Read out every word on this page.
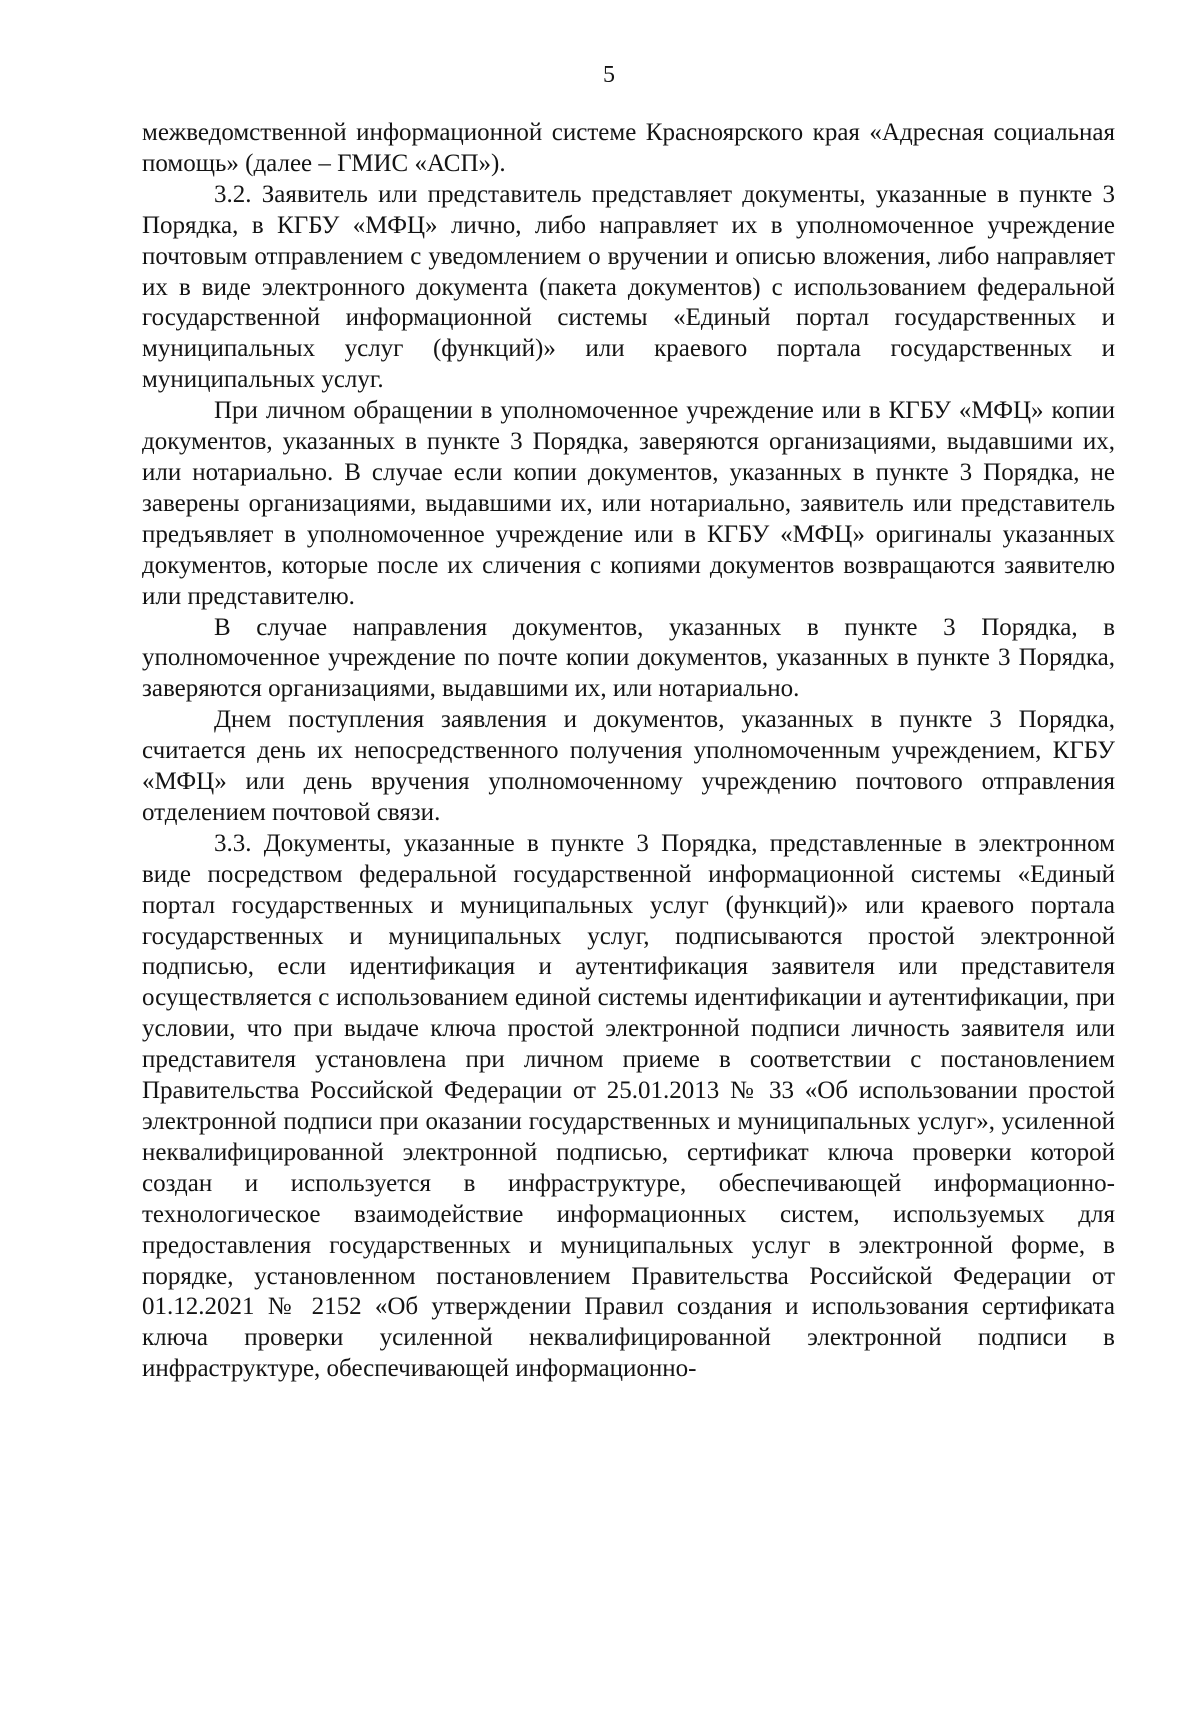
5

межведомственной информационной системе Красноярского края «Адресная социальная помощь» (далее – ГМИС «АСП»).

3.2. Заявитель или представитель представляет документы, указанные в пункте 3 Порядка, в КГБУ «МФЦ» лично, либо направляет их в уполномоченное учреждение почтовым отправлением с уведомлением о вручении и описью вложения, либо направляет их в виде электронного документа (пакета документов) с использованием федеральной государственной информационной системы «Единый портал государственных и муниципальных услуг (функций)» или краевого портала государственных и муниципальных услуг.

При личном обращении в уполномоченное учреждение или в КГБУ «МФЦ» копии документов, указанных в пункте 3 Порядка, заверяются организациями, выдавшими их, или нотариально. В случае если копии документов, указанных в пункте 3 Порядка, не заверены организациями, выдавшими их, или нотариально, заявитель или представитель предъявляет в уполномоченное учреждение или в КГБУ «МФЦ» оригиналы указанных документов, которые после их сличения с копиями документов возвращаются заявителю или представителю.

В случае направления документов, указанных в пункте 3 Порядка, в уполномоченное учреждение по почте копии документов, указанных в пункте 3 Порядка, заверяются организациями, выдавшими их, или нотариально.

Днем поступления заявления и документов, указанных в пункте 3 Порядка, считается день их непосредственного получения уполномоченным учреждением, КГБУ «МФЦ» или день вручения уполномоченному учреждению почтового отправления отделением почтовой связи.

3.3. Документы, указанные в пункте 3 Порядка, представленные в электронном виде посредством федеральной государственной информационной системы «Единый портал государственных и муниципальных услуг (функций)» или краевого портала государственных и муниципальных услуг, подписываются простой электронной подписью, если идентификация и аутентификация заявителя или представителя осуществляется с использованием единой системы идентификации и аутентификации, при условии, что при выдаче ключа простой электронной подписи личность заявителя или представителя установлена при личном приеме в соответствии с постановлением Правительства Российской Федерации от 25.01.2013 № 33 «Об использовании простой электронной подписи при оказании государственных и муниципальных услуг», усиленной неквалифицированной электронной подписью, сертификат ключа проверки которой создан и используется в инфраструктуре, обеспечивающей информационно-технологическое взаимодействие информационных систем, используемых для предоставления государственных и муниципальных услуг в электронной форме, в порядке, установленном постановлением Правительства Российской Федерации от 01.12.2021 № 2152 «Об утверждении Правил создания и использования сертификата ключа проверки усиленной неквалифицированной электронной подписи в инфраструктуре, обеспечивающей информационно-
